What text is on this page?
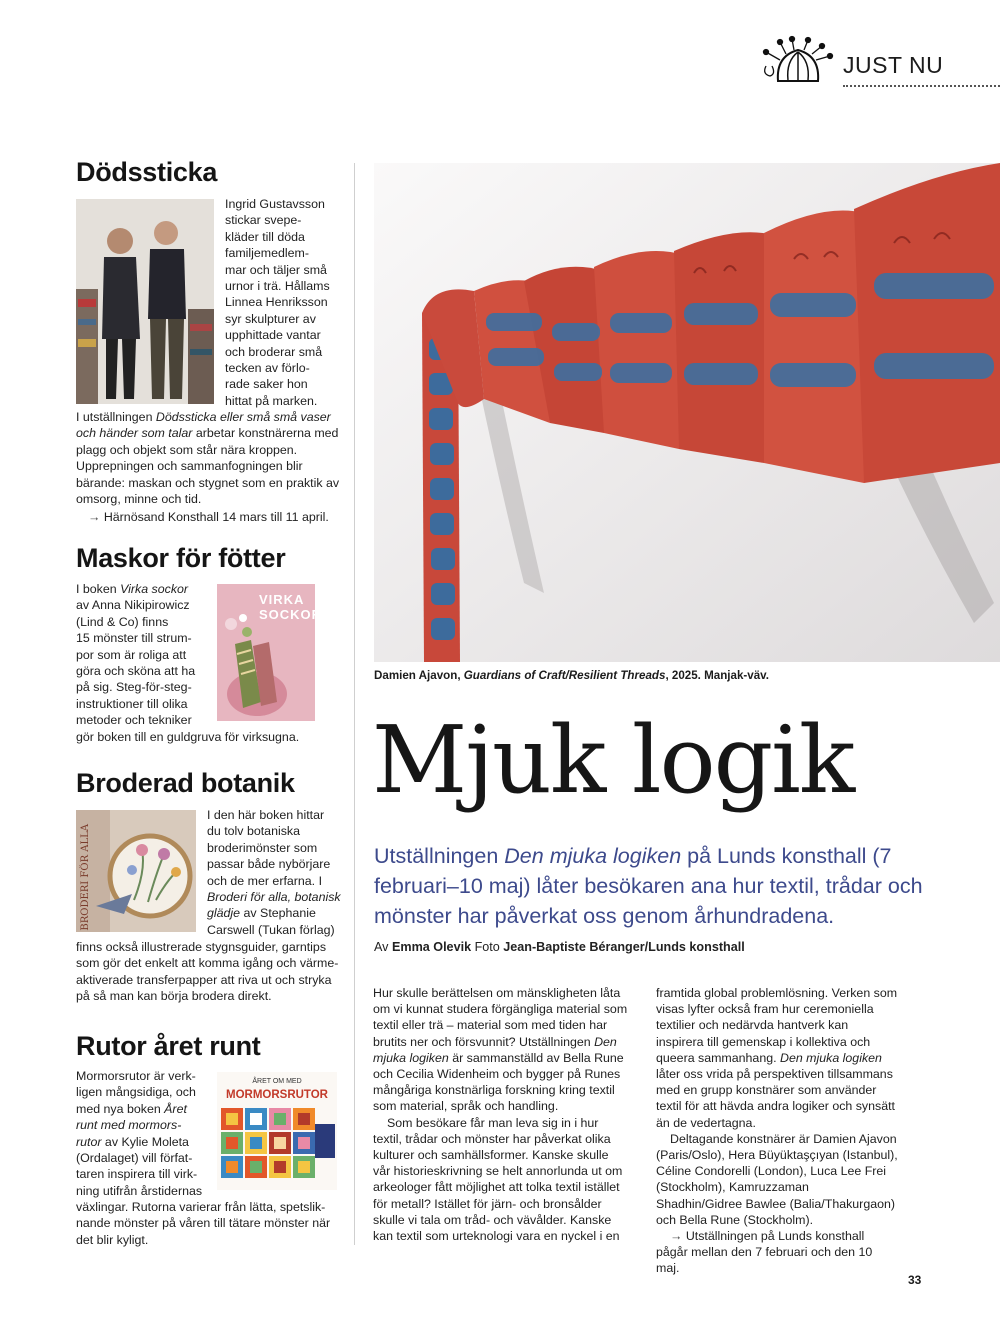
JUST NU
Dödssticka
Ingrid Gustavsson
stickar svepe-
kläder till döda
familjemedlem-
mar och täljer små
urnor i trä. Hållams
Linnea Henriksson
syr skulpturer av
upphittade vantar
och broderar små
tecken av förlo-
rade saker hon
hittat på marken.
I utställningen Dödssticka eller små små vaser och händer som talar arbetar konstnärerna med plagg och objekt som står nära kroppen. Upprepningen och sammanfogningen blir bärande: maskan och stygnet som en praktik av omsorg, minne och tid.
→ Härnösand Konsthall 14 mars till 11 april.
Maskor för fötter
I boken Virka sockor
av Anna Nikipirowicz
(Lind & Co) finns
15 mönster till strum-
por som är roliga att
göra och sköna att ha
på sig. Steg-för-steg-
instruktioner till olika
metoder och tekniker
gör boken till en guldgruva för virksugna.
VIRKA SOCKOR
Broderad botanik
BRODERI FÖR ALLA
I den här boken hittar
du tolv botaniska
broderimönster som
passar både nybörjare
och de mer erfarna. I
Broderi för alla, botanisk
glädje av Stephanie
Carswell (Tukan förlag)
finns också illustrerade stygnsguider, garntips som gör det enkelt att komma igång och värme-aktiverade transferpapper att riva ut och stryka på så man kan börja brodera direkt.
Rutor året runt
Mormorsrutor är verk-
ligen mångsidiga, och
med nya boken Året
runt med mormors-
rutor av Kylie Moleta
(Ordalaget) vill förfat-
taren inspirera till virk-
ning utifrån årstidernas
växlingar. Rutorna varierar från lätta, spetslik-nande mönster på våren till tätare mönster när det blir kyligt.
ÅRET OM MED
MORMORSRUTOR
Damien Ajavon, Guardians of Craft/Resilient Threads, 2025. Manjak-väv.
Mjuk logik
Utställningen Den mjuka logiken på Lunds konsthall (7 februari–10 maj) låter besökaren ana hur textil, trådar och mönster har påverkat oss genom århundradena.
Av Emma Olevik Foto Jean-Baptiste Béranger/Lunds konsthall
Hur skulle berättelsen om mänskligheten låta om vi kunnat studera förgängliga material som textil eller trä – material som med tiden har brutits ner och försvunnit? Utställningen Den mjuka logiken är sammanställd av Bella Rune och Cecilia Widenheim och bygger på Runes mångåriga konstnärliga forskning kring textil som material, språk och handling.
Som besökare får man leva sig in i hur textil, trådar och mönster har påverkat olika kulturer och samhällsformer. Kanske skulle vår historieskrivning se helt annorlunda ut om arkeologer fått möjlighet att tolka textil istället för metall? Istället för järn- och bronsålder skulle vi tala om tråd- och vävålder. Kanske kan textil som urteknologi vara en nyckel i en
framtida global problemlösning. Verken som visas lyfter också fram hur ceremoniella textilier och nedärvda hantverk kan inspirera till gemenskap i kollektiva och queera sammanhang. Den mjuka logiken låter oss vrida på perspektiven tillsammans med en grupp konstnärer som använder textil för att hävda andra logiker och synsätt än de vedertagna.
Deltagande konstnärer är Damien Ajavon (Paris/Oslo), Hera Büyüktaşçıyan (Istanbul), Céline Condorelli (London), Luca Lee Frei (Stockholm), Kamruzzaman Shadhin/Gidree Bawlee (Balia/Thakurgaon) och Bella Rune (Stockholm).
→ Utställningen på Lunds konsthall pågår mellan den 7 februari och den 10 maj.
33
